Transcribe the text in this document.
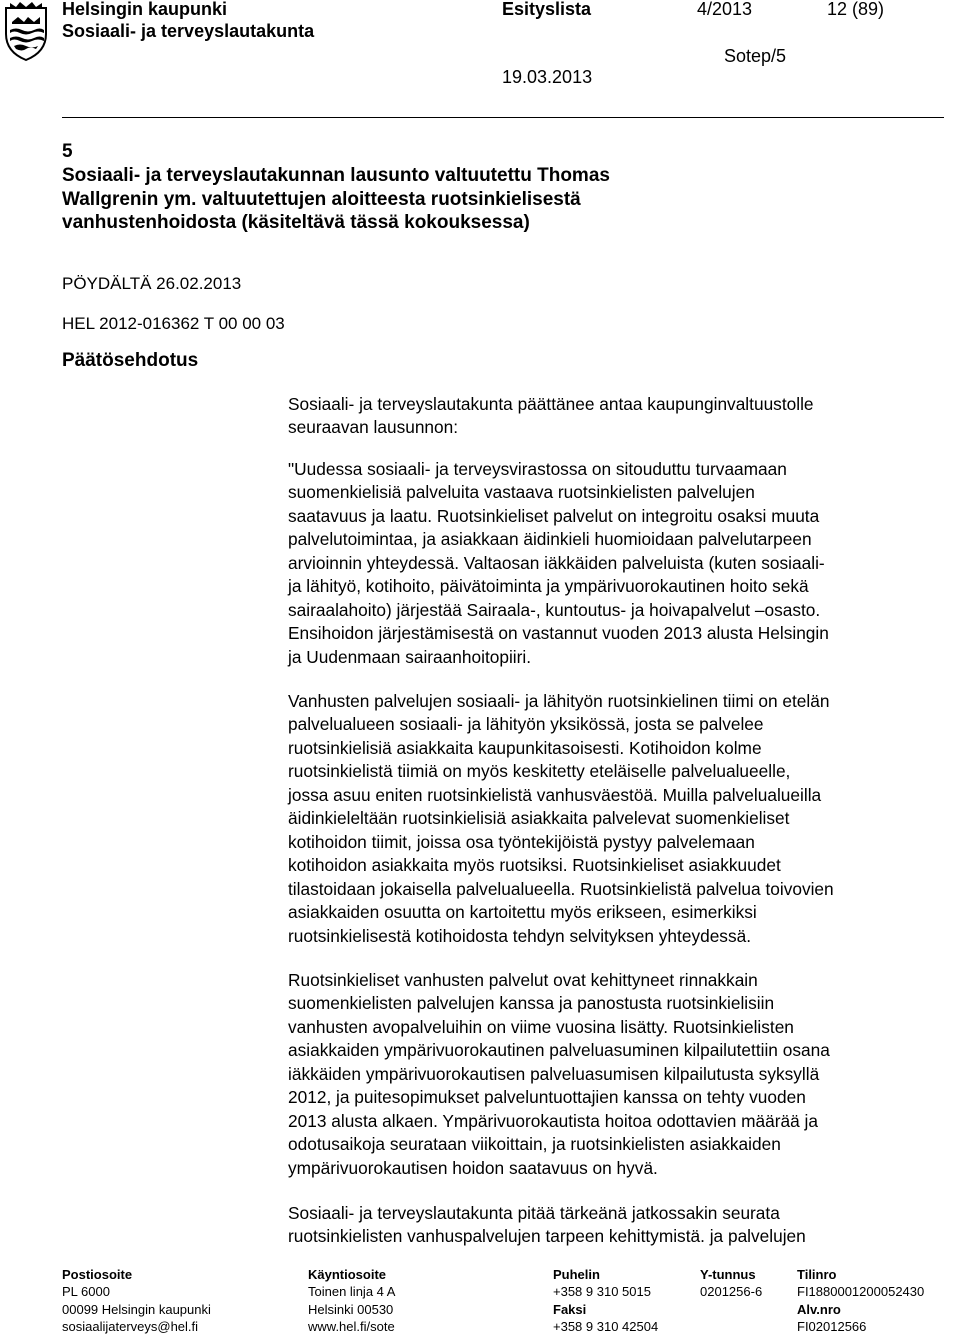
Helsingin kaupunki
Sosiaali- ja terveyslautakunta
Esityslista	4/2013	12 (89)
Sotep/5
19.03.2013
5
Sosiaali- ja terveyslautakunnan lausunto valtuutettu Thomas
Wallgrenin ym. valtuutettujen aloitteesta ruotsinkielisestä
vanhustenhoidosta (käsiteltävä tässä kokouksessa)
PÖYDÄLTÄ 26.02.2013
HEL 2012-016362 T 00 00 03
Päätösehdotus
Sosiaali- ja terveyslautakunta päättänee antaa kaupunginvaltuustolle
seuraavan lausunnon:
"Uudessa sosiaali- ja terveysvirastossa on sitouduttu turvaamaan
suomenkielisiä palveluita vastaava ruotsinkielisten palvelujen
saatavuus ja laatu. Ruotsinkieliset palvelut on integroitu osaksi muuta
palvelutoimintaa, ja asiakkaan äidinkieli huomioidaan palvelutarpeen
arvioinnin yhteydessä. Valtaosan iäkkäiden palveluista (kuten sosiaali-
ja lähityö, kotihoito, päivätoiminta ja ympärivuorokautinen hoito sekä
sairaalahoito) järjestää Sairaala-, kuntoutus- ja hoivapalvelut –osasto.
Ensihoidon järjestämisestä on vastannut vuoden 2013 alusta Helsingin
ja Uudenmaan sairaanhoitopiiri.
Vanhusten palvelujen sosiaali- ja lähityön ruotsinkielinen tiimi on etelän
palvelualueen sosiaali- ja lähityön yksikössä, josta se palvelee
ruotsinkielisiä asiakkaita kaupunkitasoisesti. Kotihoidon kolme
ruotsinkielistä tiimiä on myös keskitetty eteläiselle palvelualueelle,
jossa asuu eniten ruotsinkielistä vanhusväestöä. Muilla palvelualueilla
äidinkieleltään ruotsinkielisiä asiakkaita palvelevat suomenkieliset
kotihoidon tiimit, joissa osa työntekijöistä pystyy palvelemaan
kotihoidon asiakkaita myös ruotsiksi. Ruotsinkieliset asiakkuudet
tilastoidaan jokaisella palvelualueella. Ruotsinkielistä palvelua toivovien
asiakkaiden osuutta on kartoitettu myös erikseen, esimerkiksi
ruotsinkielisestä kotihoidosta tehdyn selvityksen yhteydessä.
Ruotsinkieliset vanhusten palvelut ovat kehittyneet rinnakkain
suomenkielisten palvelujen kanssa ja panostusta ruotsinkielisiin
vanhusten avopalveluihin on viime vuosina lisätty. Ruotsinkielisten
asiakkaiden ympärivuorokautinen palveluasuminen kilpailutettiin osana
iäkkäiden ympärivuorokautisen palveluasumisen kilpailutusta syksyllä
2012, ja puitesopimukset palveluntuottajien kanssa on tehty vuoden
2013 alusta alkaen. Ympärivuorokautista hoitoa odottavien määrää ja
odotusaikoja seurataan viikoittain, ja ruotsinkielisten asiakkaiden
ympärivuorokautisen hoidon saatavuus on hyvä.
Sosiaali- ja terveyslautakunta pitää tärkeänä jatkossakin seurata
ruotsinkielisten vanhuspalvelujen tarpeen kehittymistä. ja palvelujen
Postiosoite
PL 6000
00099 Helsingin kaupunki
sosiaalijaterveys@hel.fi
Käyntiosoite
Toinen linja 4 A
Helsinki 00530
www.hel.fi/sote
Puhelin
+358 9 310 5015
Faksi
+358 9 310 42504
Y-tunnus
0201256-6
Tilinro
FI1880001200052430
Alv.nro
FI02012566
